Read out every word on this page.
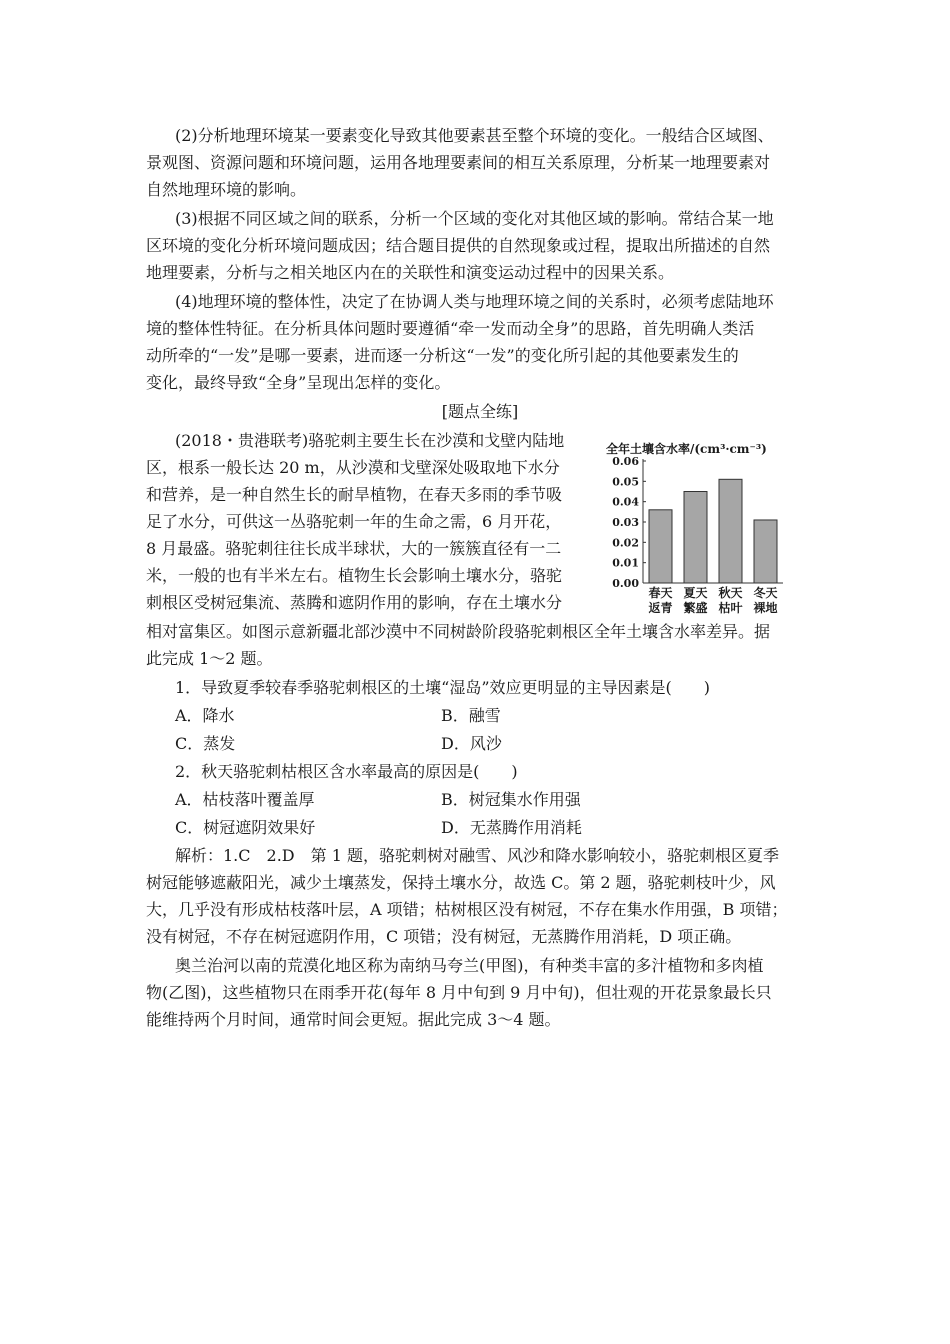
(2)分析地理环境某一要素变化导致其他要素甚至整个环境的变化。一般结合区域图、
景观图、资源问题和环境问题，运用各地理要素间的相互关系原理，分析某一地理要素对
自然地理环境的影响。
(3)根据不同区域之间的联系，分析一个区域的变化对其他区域的影响。常结合某一地
区环境的变化分析环境问题成因；结合题目提供的自然现象或过程，提取出所描述的自然
地理要素，分析与之相关地区内在的关联性和演变运动过程中的因果关系。
(4)地理环境的整体性，决定了在协调人类与地理环境之间的关系时，必须考虑陆地环
境的整体性特征。在分析具体问题时要遵循“牵一发而动全身”的思路，首先明确人类活
动所牵的“一发”是哪一要素，进而逐一分析这“一发”的变化所引起的其他要素发生的
变化，最终导致“全身”呈现出怎样的变化。
[题点全练]
(2018・贵港联考)骆驼刺主要生长在沙漠和戈壁内陆地
区，根系一般长达 20 m，从沙漠和戈壁深处吸取地下水分
和营养，是一种自然生长的耐旱植物，在春天多雨的季节吸
足了水分，可供这一丛骆驼刺一年的生命之需，6 月开花，
8 月最盛。骆驼刺往往长成半球状，大的一簇簇直径有一二
米，一般的也有半米左右。植物生长会影响土壤水分，骆驼
刺根区受树冠集流、蒸腾和遮阴作用的影响，存在土壤水分
相对富集区。如图示意新疆北部沙漠中不同树龄阶段骆驼刺根区全年土壤含水率差异。据
此完成 1～2 题。
全年土壤含水率/(cm³·cm⁻³)
0.06
0.05
0.04
0.03
0.02
0.01
0.00
春天
返青
夏天
繁盛
秋天
枯叶
冬天
裸地
1．导致夏季较春季骆驼刺根区的土壤“湿岛”效应更明显的主导因素是(　　)
A．降水	B．融雪
C．蒸发	D．风沙
2．秋天骆驼刺枯根区含水率最高的原因是(　　)
A．枯枝落叶覆盖厚	B．树冠集水作用强
C．树冠遮阴效果好	D．无蒸腾作用消耗
解析：1.C　2.D　第 1 题，骆驼刺树对融雪、风沙和降水影响较小，骆驼刺根区夏季
树冠能够遮蔽阳光，减少土壤蒸发，保持土壤水分，故选 C。第 2 题，骆驼刺枝叶少，风
大，几乎没有形成枯枝落叶层，A 项错；枯树根区没有树冠，不存在集水作用强，B 项错；
没有树冠，不存在树冠遮阴作用，C 项错；没有树冠，无蒸腾作用消耗，D 项正确。
奥兰治河以南的荒漠化地区称为南纳马夸兰(甲图)，有种类丰富的多汁植物和多肉植
物(乙图)，这些植物只在雨季开花(每年 8 月中旬到 9 月中旬)，但壮观的开花景象最长只
能维持两个月时间，通常时间会更短。据此完成 3～4 题。
